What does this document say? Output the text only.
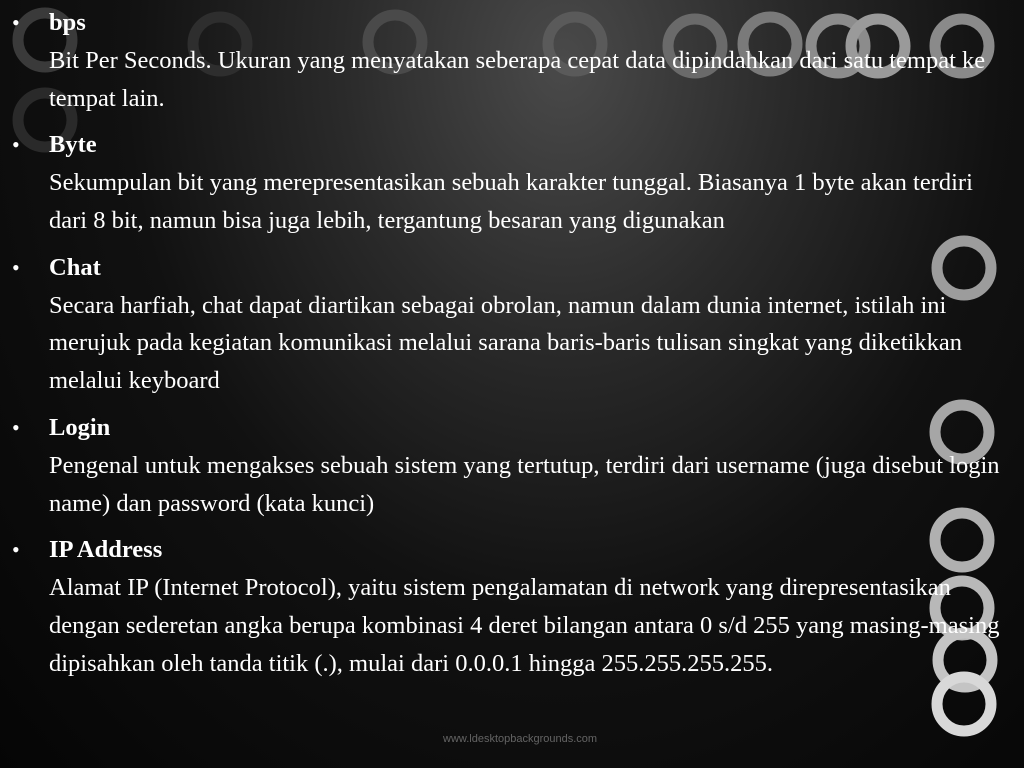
• bps
Bit Per Seconds. Ukuran yang menyatakan seberapa cepat data dipindahkan dari satu tempat ke tempat lain.
• Byte
Sekumpulan bit yang merepresentasikan sebuah karakter tunggal. Biasanya 1 byte akan terdiri dari 8 bit, namun bisa juga lebih, tergantung besaran yang digunakan
• Chat
Secara harfiah, chat dapat diartikan sebagai obrolan, namun dalam dunia internet, istilah ini merujuk pada kegiatan komunikasi melalui sarana baris-baris tulisan singkat yang diketikkan melalui keyboard
• Login
Pengenal untuk mengakses sebuah sistem yang tertutup, terdiri dari username (juga disebut login name) dan password (kata kunci)
• IP Address
Alamat IP (Internet Protocol), yaitu sistem pengalamatan di network yang direpresentasikan dengan sederetan angka berupa kombinasi 4 deret bilangan antara 0 s/d 255 yang masing-masing dipisahkan oleh tanda titik (.), mulai dari 0.0.0.1 hingga 255.255.255.255.
www.ldesktopbackgrounds.com
